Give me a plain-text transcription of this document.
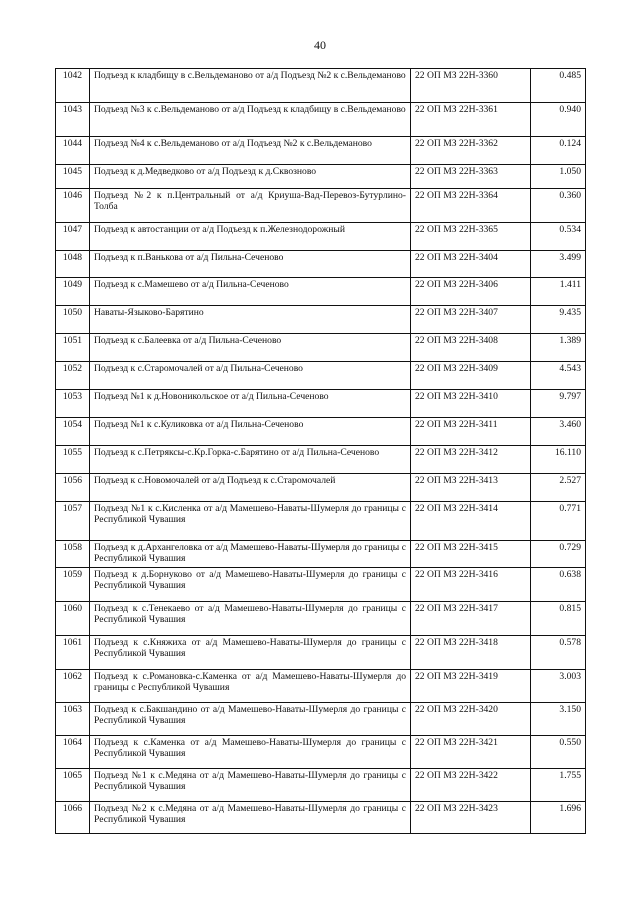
40
1042	Подъезд к кладбищу в с.Вельдеманово от а/д Подъезд №2 к с.Вельдеманово	22 ОП МЗ 22Н-3360	0.485
1043	Подъезд №3 к с.Вельдеманово от а/д Подъезд к кладбищу в с.Вельдеманово	22 ОП МЗ 22Н-3361	0.940
1044	Подъезд №4 к с.Вельдеманово от а/д Подъезд №2 к с.Вельдеманово	22 ОП МЗ 22Н-3362	0.124
1045	Подъезд к д.Медведково от а/д Подъезд к д.Сквозново	22 ОП МЗ 22Н-3363	1.050
1046	Подъезд №2 к п.Центральный от а/д Криуша-Вад-Перевоз-Бутурлино-Толба	22 ОП МЗ 22Н-3364	0.360
1047	Подъезд к автостанции от а/д Подъезд к п.Железнодорожный	22 ОП МЗ 22Н-3365	0.534
1048	Подъезд к п.Ванькова от а/д Пильна-Сеченово	22 ОП МЗ 22Н-3404	3.499
1049	Подъезд к с.Мамешево от а/д Пильна-Сеченово	22 ОП МЗ 22Н-3406	1.411
1050	Наваты-Языково-Барятино	22 ОП МЗ 22Н-3407	9.435
1051	Подъезд к с.Балеевка от а/д Пильна-Сеченово	22 ОП МЗ 22Н-3408	1.389
1052	Подъезд к с.Старомочалей от а/д Пильна-Сеченово	22 ОП МЗ 22Н-3409	4.543
1053	Подъезд №1 к д.Новоникольское от а/д Пильна-Сеченово	22 ОП МЗ 22Н-3410	9.797
1054	Подъезд №1 к с.Куликовка от а/д Пильна-Сеченово	22 ОП МЗ 22Н-3411	3.460
1055	Подъезд к с.Петряксы-с.Кр.Горка-с.Барятино от а/д Пильна-Сеченово	22 ОП МЗ 22Н-3412	16.110
1056	Подъезд к с.Новомочалей от а/д Подъезд к с.Старомочалей	22 ОП МЗ 22Н-3413	2.527
1057	Подъезд №1 к с.Кисленка от а/д Мамешево-Наваты-Шумерля до границы с Республикой Чувашия	22 ОП МЗ 22Н-3414	0.771
1058	Подъезд к д.Архангеловка от а/д Мамешево-Наваты-Шумерля до границы с Республикой Чувашия	22 ОП МЗ 22Н-3415	0.729
1059	Подъезд к д.Борнуково от а/д Мамешево-Наваты-Шумерля до границы с Республикой Чувашия	22 ОП МЗ 22Н-3416	0.638
1060	Подъезд к с.Тенекаево от а/д Мамешево-Наваты-Шумерля до границы с Республикой Чувашия	22 ОП МЗ 22Н-3417	0.815
1061	Подъезд к с.Княжиха от а/д Мамешево-Наваты-Шумерля до границы с Республикой Чувашия	22 ОП МЗ 22Н-3418	0.578
1062	Подъезд к с.Романовка-с.Каменка от а/д Мамешево-Наваты-Шумерля до границы с Республикой Чувашия	22 ОП МЗ 22Н-3419	3.003
1063	Подъезд к с.Бакшандино от а/д Мамешево-Наваты-Шумерля до границы с Республикой Чувашия	22 ОП МЗ 22Н-3420	3.150
1064	Подъезд к с.Каменка от а/д Мамешево-Наваты-Шумерля до границы с Республикой Чувашия	22 ОП МЗ 22Н-3421	0.550
1065	Подъезд №1 к с.Медяна от а/д Мамешево-Наваты-Шумерля до границы с Республикой Чувашия	22 ОП МЗ 22Н-3422	1.755
1066	Подъезд №2 к с.Медяна от а/д Мамешево-Наваты-Шумерля до границы с Республикой Чувашия	22 ОП МЗ 22Н-3423	1.696
